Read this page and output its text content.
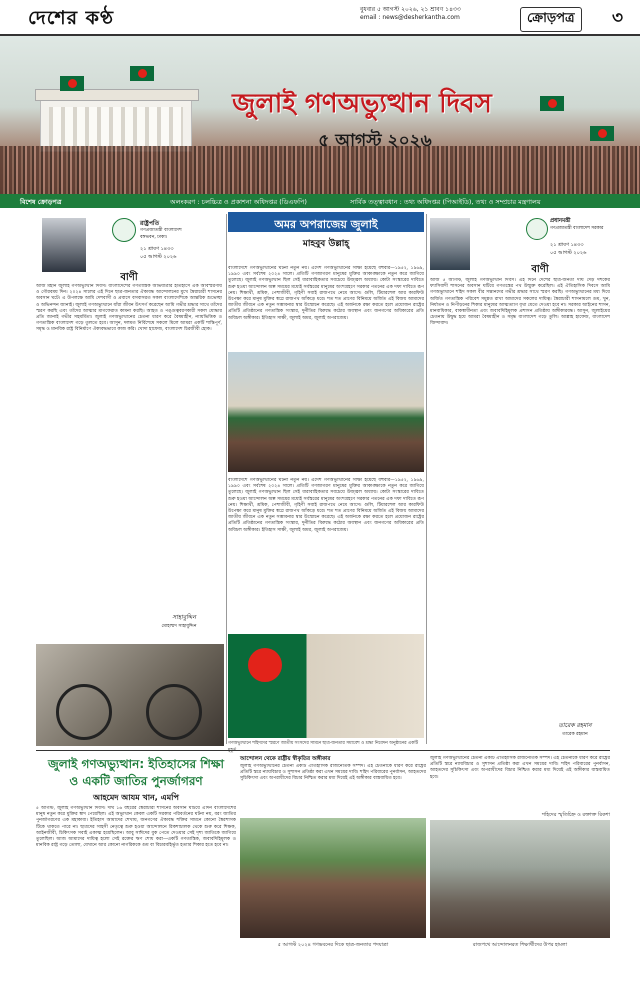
দেশের কণ্ঠ	বুধবার ৫ আগস্ট ২০২৬, ২১ শ্রাবণ ১৪৩৩
email : news@desherkantha.com	ক্রোড়পত্র	৩
জুলাই গণঅভ্যুত্থান দিবস
৫ আগস্ট ২০২৬
বিশেষ ক্রোড়পত্র	অলংকরণ : চলচ্চিত্র ও প্রকাশনা অধিদপ্তর (ডিএফপি)	সার্বিক তত্ত্বাবধান : তথ্য অধিদপ্তর (পিআইডি), তথ্য ও সম্প্রচার মন্ত্রণালয়
রাষ্ট্রপতি
গণপ্রজাতন্ত্রী বাংলাদেশ
বঙ্গভবন, ঢাকা।
২১ শ্রাবণ ১৪৩৩
০৫ আগস্ট ২০২৬
বাণী
আজ মহান জুলাই গণঅভ্যুত্থান দিবস। বাংলাদেশের গণতান্ত্রিক অভিযাত্রার ইতিহাসে এক অবিস্মরণীয় ও গৌরবময় দিন। ২০২৪ সালের এই দিনে ছাত্র-জনতার ঐক্যবদ্ধ আন্দোলনের মুখে স্বৈরাচারী শাসনের অবসান ঘটে। এ উপলক্ষে আমি দেশবাসী ও প্রবাসে বসবাসরত সকল বাংলাদেশিকে আন্তরিক শুভেচ্ছা ও অভিনন্দন জানাই। জুলাই গণঅভ্যুত্থানে যাঁরা জীবন উৎসর্গ করেছেন আমি গভীর শ্রদ্ধার সাথে তাঁদের স্মরণ করছি এবং তাঁদের আত্মার মাগফেরাত কামনা করছি। আহত ও পঙ্গুত্ববরণকারী সকল যোদ্ধার প্রতি জানাই গভীর সহমর্মিতা। জুলাই গণঅভ্যুত্থানের চেতনা ধারণ করে বৈষম্যহীন, ন্যায়ভিত্তিক ও গণতান্ত্রিক বাংলাদেশ গড়ে তুলতে হবে। আসুন, দলমত নির্বিশেষে সকলে মিলে আমরা একটি শান্তিপূর্ণ, সমৃদ্ধ ও মানবিক রাষ্ট্র বিনির্মাণে ঐক্যবদ্ধভাবে কাজ করি। খোদা হাফেজ, বাংলাদেশ চিরজীবী হোক।
সাহাবুদ্দিন
মোহাম্মদ সাহাবুদ্দিন
অমর অপরাজেয় জুলাই
মাহবুব উল্লাহ্
বাংলাদেশে গণঅভ্যুত্থানের ঘটনা নতুন নয়। এদেশ গণঅভ্যুত্থানের সাক্ষী হয়েছে বহুবার—১৯৫২, ১৯৬৯, ১৯৯০ এবং সর্বশেষ ২০২৪ সালে। প্রতিটি গণজাগরণ মানুষের মুক্তির আকাঙ্ক্ষাকে নতুন করে জাগিয়ে তুলেছে। জুলাই গণঅভ্যুত্থান ছিল সেই ধারাবাহিকতার সবচেয়ে উজ্জ্বল অধ্যায়। কোটা সংস্কারের দাবিতে শুরু হওয়া আন্দোলন অল্প সময়ের মধ্যেই সর্বস্তরের মানুষের অংশগ্রহণে সরকার পতনের এক দফা দাবিতে রূপ নেয়। শিক্ষার্থী, শ্রমিক, পেশাজীবী, গৃহিণী সবাই রাজপথে নেমে আসে। গুলি, টিয়ারশেল আর কারফিউ উপেক্ষা করে মানুষ মুক্তির স্বপ্নে রাজপথ আঁকড়ে ধরে। শত শত প্রাণের বিনিময়ে অর্জিত এই বিজয় আমাদের জাতীয় জীবনে এক নতুন সম্ভাবনার দ্বার উন্মোচন করেছে। এই অর্জনকে রক্ষা করতে হলে প্রয়োজন রাষ্ট্রের প্রতিটি প্রতিষ্ঠানের গণতান্ত্রিক সংস্কার, দুর্নীতির বিরুদ্ধে কঠোর অবস্থান এবং জনগণের অধিকারের প্রতি অবিচল অঙ্গীকার। ইতিহাস সাক্ষী, জুলাই অমর, জুলাই অপরাজেয়।
বাংলাদেশে গণঅভ্যুত্থানের ঘটনা নতুন নয়। এদেশ গণঅভ্যুত্থানের সাক্ষী হয়েছে বহুবার—১৯৫২, ১৯৬৯, ১৯৯০ এবং সর্বশেষ ২০২৪ সালে। প্রতিটি গণজাগরণ মানুষের মুক্তির আকাঙ্ক্ষাকে নতুন করে জাগিয়ে তুলেছে। জুলাই গণঅভ্যুত্থান ছিল সেই ধারাবাহিকতার সবচেয়ে উজ্জ্বল অধ্যায়। কোটা সংস্কারের দাবিতে শুরু হওয়া আন্দোলন অল্প সময়ের মধ্যেই সর্বস্তরের মানুষের অংশগ্রহণে সরকার পতনের এক দফা দাবিতে রূপ নেয়। শিক্ষার্থী, শ্রমিক, পেশাজীবী, গৃহিণী সবাই রাজপথে নেমে আসে। গুলি, টিয়ারশেল আর কারফিউ উপেক্ষা করে মানুষ মুক্তির স্বপ্নে রাজপথ আঁকড়ে ধরে। শত শত প্রাণের বিনিময়ে অর্জিত এই বিজয় আমাদের জাতীয় জীবনে এক নতুন সম্ভাবনার দ্বার উন্মোচন করেছে। এই অর্জনকে রক্ষা করতে হলে প্রয়োজন রাষ্ট্রের প্রতিটি প্রতিষ্ঠানের গণতান্ত্রিক সংস্কার, দুর্নীতির বিরুদ্ধে কঠোর অবস্থান এবং জনগণের অধিকারের প্রতি অবিচল অঙ্গীকার। ইতিহাস সাক্ষী, জুলাই অমর, জুলাই অপরাজেয়।
গণঅভ্যুত্থানে শহিদদের স্মরণে জাতীয় সংসদের সামনে ছাত্র-জনতার সমাবেশ ও শ্রদ্ধা নিবেদন অনুষ্ঠানের একটি
প্রধানমন্ত্রী
গণপ্রজাতন্ত্রী বাংলাদেশ সরকার
২১ শ্রাবণ ১৪৩৩
০৫ আগস্ট ২০২৬
বাণী
আজ ৫ আগস্ট, জুলাই গণঅভ্যুত্থান দিবস। এই দিনে দেশের ছাত্র-জনতা দীর্ঘ দেড় দশকের ফ্যাসিবাদী শাসনের অবসান ঘটিয়ে গণতন্ত্রের পথ উন্মুক্ত করেছিল। এই ঐতিহাসিক দিবসে আমি গণঅভ্যুত্থানে শহিদ সকল বীর সন্তানদের গভীর শ্রদ্ধার সাথে স্মরণ করছি। গণঅভ্যুত্থানের মধ্য দিয়ে অর্জিত গণতান্ত্রিক পরিবেশ সমুন্নত রাখা আমাদের সকলের দায়িত্ব। স্বৈরাচারী শাসনামলে গুম, খুন, নির্যাতন ও নিপীড়নের শিকার মানুষের আত্মত্যাগ বৃথা যেতে দেওয়া হবে না। সরকার আইনের শাসন, মানবাধিকার, বাকস্বাধীনতা এবং জবাবদিহিমূলক প্রশাসন প্রতিষ্ঠায় অঙ্গীকারবদ্ধ। আসুন, জুলাইয়ের চেতনায় উদ্বুদ্ধ হয়ে আমরা বৈষম্যহীন ও সমৃদ্ধ বাংলাদেশ গড়ে তুলি। আল্লাহ হাফেজ, বাংলাদেশ জিন্দাবাদ।
তারেক রহমান
তারেক রহমান
জুলাই গণঅভ্যুত্থান: ইতিহাসের শিক্ষা
ও একটি জাতির পুনর্জাগরণ
আহমেদ আযম খান, এমপি
৫ আগস্ট, জুলাই গণঅভ্যুত্থান দিবস। দীর্ঘ ১৬ বছরের স্বৈরাচারী শাসনের অবসান ঘটিয়ে এদিন বাংলাদেশের মানুষ নতুন করে মুক্তির স্বাদ পেয়েছিল। এই অভ্যুত্থান কেবল একটি সরকার পরিবর্তনের ঘটনা নয়, বরং জাতির পুনর্জাগরণের এক মহাকাব্য। ইতিহাস আমাদের শেখায়, জনগণের ঐক্যবদ্ধ শক্তির সামনে কোনো স্বৈরশাসক টিকে থাকতে পারে না। ছাত্রদের সাহসী নেতৃত্বে শুরু হওয়া আন্দোলনে রিকশাচালক থেকে শুরু করে শিক্ষক, আইনজীবী, চিকিৎসক সবাই একাত্ম হয়েছিলেন। আবু সাঈদের বুক পেতে দেওয়ার সেই দৃশ্য জাতিকে জাগিয়ে তুলেছিল। আজ আমাদের দায়িত্ব হলো সেই রক্তের ঋণ শোধ করা—একটি গণতান্ত্রিক, জবাবদিহিমূলক ও মানবিক রাষ্ট্র গড়ে তোলা, যেখানে আর কোনো নাগরিককে গুম বা বিচারবহির্ভূত হত্যার শিকার হতে হবে না।
আন্দোলন থেকে রাষ্ট্রীয় স্বীকৃতির অঙ্গীকার
জুলাই গণঅভ্যুত্থানের চেতনা একটি ঐতিহাসিক রাজনৈতিক সম্পদ। এই চেতনাকে ধারণ করে রাষ্ট্রের প্রতিটি স্তরে ন্যায়বিচার ও সুশাসন প্রতিষ্ঠা করা এখন সময়ের দাবি। শহিদ পরিবারের পুনর্বাসন, আহতদের সুচিকিৎসা এবং অপরাধীদের বিচার নিশ্চিত করার মধ্য দিয়েই এই অঙ্গীকার বাস্তবায়িত হবে।
৫ আগস্ট ২০২৪ গণভবনের দিকে ছাত্র-জনতার পদযাত্রা
জুলাই গণঅভ্যুত্থানের চেতনা একটি ঐতিহাসিক রাজনৈতিক সম্পদ। এই চেতনাকে ধারণ করে রাষ্ট্রের প্রতিটি স্তরে ন্যায়বিচার ও সুশাসন প্রতিষ্ঠা করা এখন সময়ের দাবি। শহিদ পরিবারের পুনর্বাসন, আহতদের সুচিকিৎসা এবং অপরাধীদের বিচার নিশ্চিত করার মধ্য দিয়েই এই অঙ্গীকার বাস্তবায়িত হবে।
শহিদের স্মৃতিচিহ্ন ও রক্তাক্ত রিকশা
রাজপথে আন্দোলনরত শিক্ষার্থীদের উপর হামলা
